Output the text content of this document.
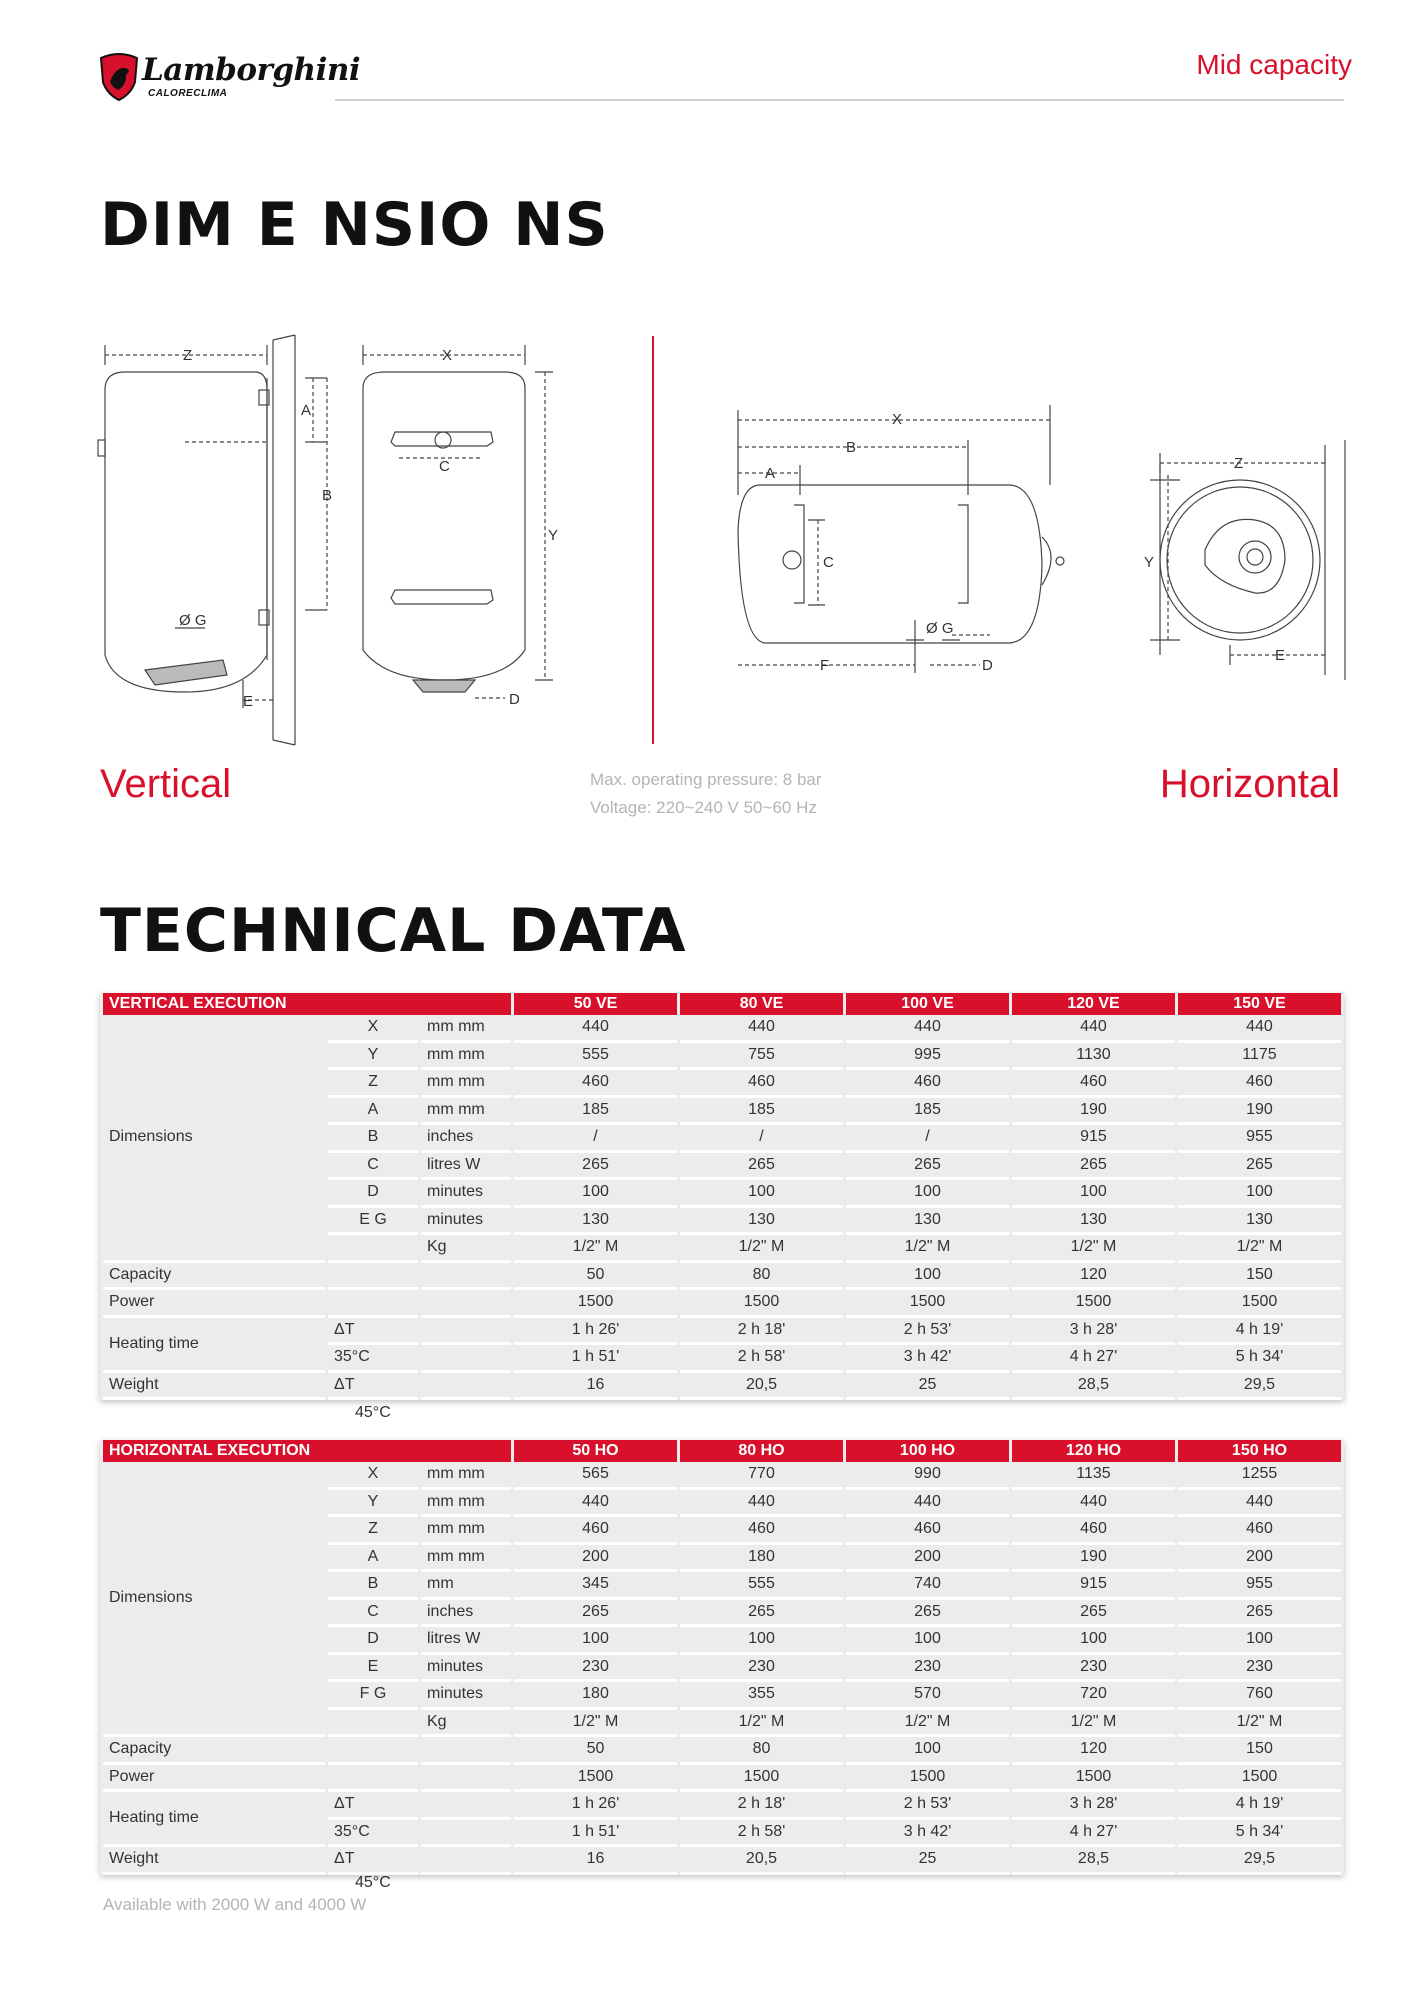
Lamborghini
CALORECLIMA
Mid capacity
DIM E NSIO NS
Z	X
A
B
C
Y
Ø G
E	D
X
B
A
C
Ø G
F	D
Z
Y
E
Vertical	Max. operating pressure: 8 bar
Voltage: 220~240 V 50~60 Hz
Horizontal
TECHNICAL DATA
VERTICAL EXECUTION			50 VE	80 VE	100 VE	120 VE	150 VE
Dimensions	X	mm mm	440	440	440	440	440
	Y	mm mm	555	755	995	1130	1175
	Z	mm mm	460	460	460	460	460
	A	mm mm	185	185	185	190	190
	B	inches	/	/	/	915	955
	C	litres W	265	265	265	265	265
	D	minutes	100	100	100	100	100
	E G	minutes	130	130	130	130	130
		Kg	1/2" M	1/2" M	1/2" M	1/2" M	1/2" M
Capacity			50	80	100	120	150
Power			1500	1500	1500	1500	1500
Heating time	ΔT		1 h 26'	2 h 18'	2 h 53'	3 h 28'	4 h 19'
	35°C		1 h 51'	2 h 58'	3 h 42'	4 h 27'	5 h 34'
Weight	ΔT		16	20,5	25	28,5	29,5
45°C
HORIZONTAL EXECUTION			50 HO	80 HO	100 HO	120 HO	150 HO
Dimensions	X	mm mm	565	770	990	1135	1255
	Y	mm mm	440	440	440	440	440
	Z	mm mm	460	460	460	460	460
	A	mm mm	200	180	200	190	200
	B	mm	345	555	740	915	955
	C	inches	265	265	265	265	265
	D	litres W	100	100	100	100	100
	E	minutes	230	230	230	230	230
	F G	minutes	180	355	570	720	760
		Kg	1/2" M	1/2" M	1/2" M	1/2" M	1/2" M
Capacity			50	80	100	120	150
Power			1500	1500	1500	1500	1500
Heating time	ΔT		1 h 26'	2 h 18'	2 h 53'	3 h 28'	4 h 19'
	35°C		1 h 51'	2 h 58'	3 h 42'	4 h 27'	5 h 34'
Weight	ΔT		16	20,5	25	28,5	29,5
45°C
Available with 2000 W and 4000 W
